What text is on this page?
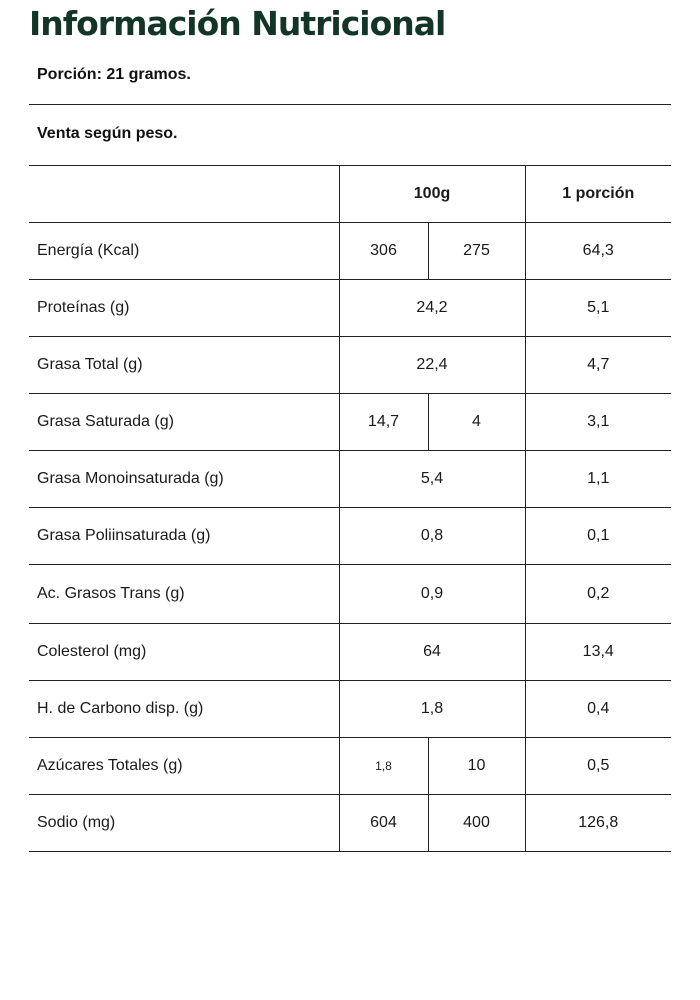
Información Nutricional
Porción: 21 gramos.
Venta según peso.
	100g		1 porción
Energía (Kcal)	306	275	64,3
Proteínas (g)	24,2		5,1
Grasa Total (g)	22,4		4,7
Grasa Saturada (g)	14,7	4	3,1
Grasa Monoinsaturada (g)	5,4		1,1
Grasa Poliinsaturada (g)	0,8		0,1
Ac. Grasos Trans (g)	0,9		0,2
Colesterol (mg)	64		13,4
H. de Carbono disp. (g)	1,8		0,4
Azúcares Totales (g)	1,8	10	0,5
Sodio (mg)	604	400	126,8
